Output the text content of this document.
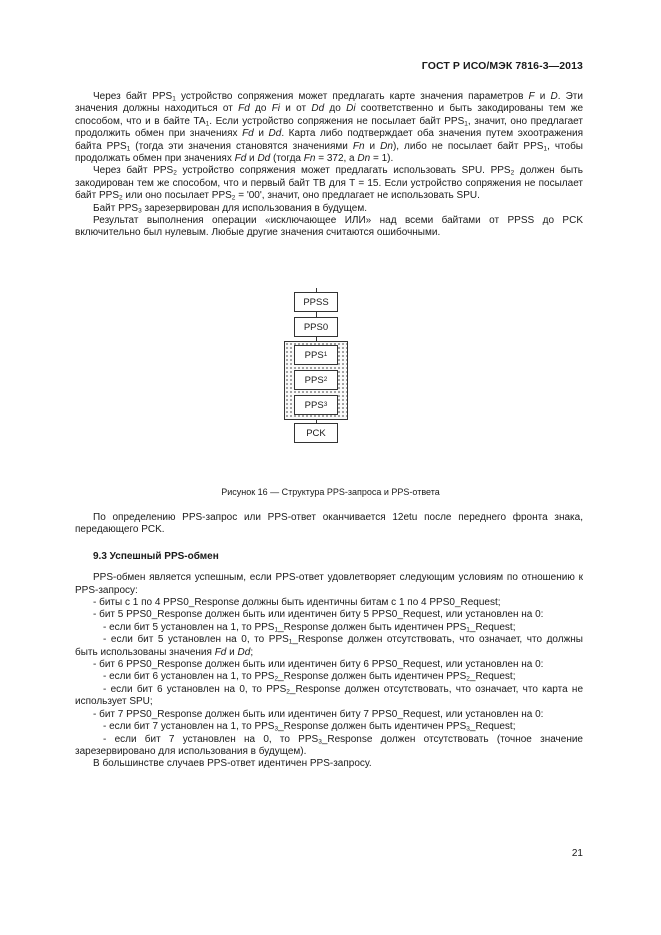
ГОСТ Р ИСО/МЭК 7816-3—2013

Через байт $PPS_1$ устройство сопряжения может предлагать карте значения параметров F и D. Эти значения должны находиться от Fd до Fi и от Dd до Di соответственно и быть закодированы тем же способом, что и в байте $TA_1$. Если устройство сопряжения не посылает байт $PPS_1$, значит, оно предлагает продолжить обмен при значениях Fd и Dd. Карта либо подтверждает оба значения путем эхоотражения байта $PPS_1$ (тогда эти значения становятся значениями Fn и Dn), либо не посылает байт $PPS_1$, чтобы продолжать обмен при значениях Fd и Dd (тогда Fn = 372, а Dn = 1).

Через байт $PPS_2$ устройство сопряжения может предлагать использовать SPU. $PPS_2$ должен быть закодирован тем же способом, что и первый байт TB для T = 15. Если устройство сопряжения не посылает байт $PPS_2$ или оно посылает $PPS_2$ = '00', значит, оно предлагает не использовать SPU.

Байт $PPS_3$ зарезервирован для использования в будущем.

Результат выполнения операции «исключающее ИЛИ» над всеми байтами от PPSS до PCK включительно был нулевым. Любые другие значения считаются ошибочными.

PPSS
PPS0
PPS 1
PPS 2
PPS 3
PCK
Рисунок 16 — Структура PPS-запроса и PPS-ответа

По определению PPS-запрос или PPS-ответ оканчивается 12etu после переднего фронта знака, передающего PCK.

9.3 Успешный PPS-обмен

PPS-обмен является успешным, если PPS-ответ удовлетворяет следующим условиям по отношению к PPS-запросу:

- биты с 1 по 4 PPS0_Response должны быть идентичны битам с 1 по 4 PPS0_Request;

- бит 5 PPS0_Response должен быть или идентичен биту 5 PPS0_Request, или установлен на 0:

- если бит 5 установлен на 1, то $PPS_1\_Response$ должен быть идентичен $PPS_1\_Request$;

- если бит 5 установлен на 0, то $PPS_1\_Response$ должен отсутствовать, что означает, что должны быть использованы значения Fd и Dd;

- бит 6 PPS0_Response должен быть или идентичен биту 6 PPS0_Request, или установлен на 0:

- если бит 6 установлен на 1, то $PPS_2\_Response$ должен быть идентичен $PPS_2\_Request$;

- если бит 6 установлен на 0, то $PPS_2\_Response$ должен отсутствовать, что означает, что карта не использует SPU;

- бит 7 PPS0_Response должен быть или идентичен биту 7 PPS0_Request, или установлен на 0:

- если бит 7 установлен на 1, то $PPS_3\_Response$ должен быть идентичен $PPS_3\_Request$;

- если бит 7 установлен на 0, то $PPS_3\_Response$ должен отсутствовать (точное значение зарезервировано для использования в будущем).

В большинстве случаев PPS-ответ идентичен PPS-запросу.

21
